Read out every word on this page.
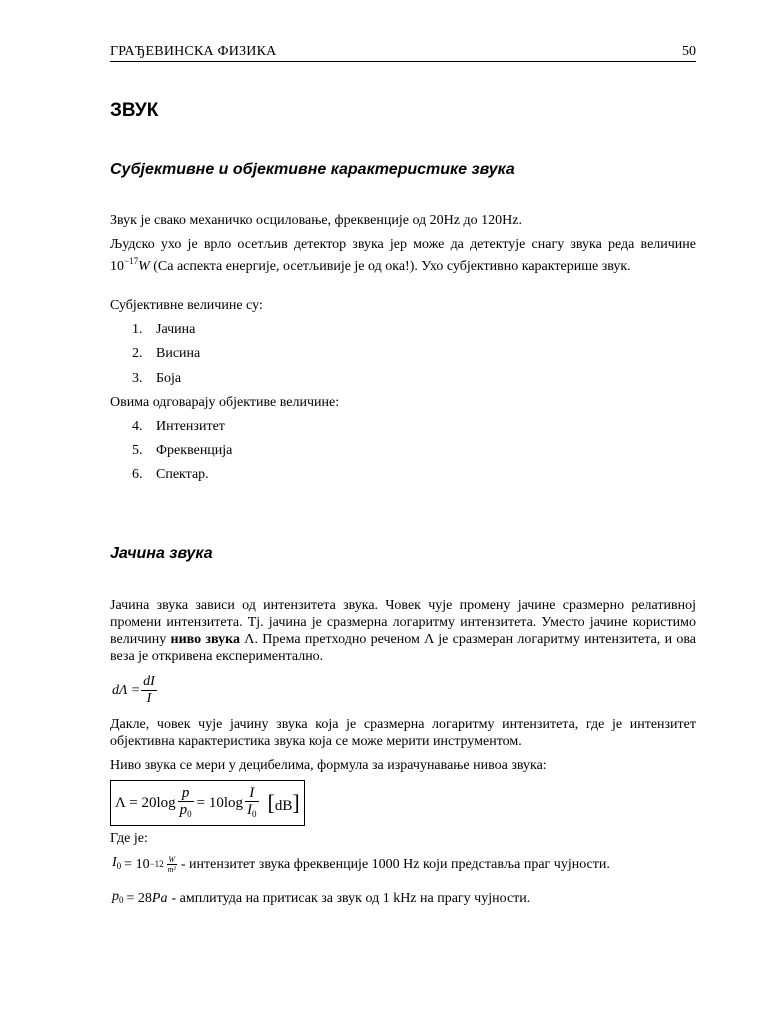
ГРАЂЕВИНСКА ФИЗИКА	50
ЗВУК
Субјективне и објективне карактеристике звука
Звук је свако механичко осциловање, фреквенције од 20Hz до 120Hz.
Људско ухо је врло осетљив детектор звука јер може да детектује снагу звука реда величине $10^{-17}W$ (Са аспекта енергије, осетљивије је од ока!). Ухо субјективно карактерише звук.
Субјективне величине су:
1. Јачина
2. Висина
3. Боја
Овима одговарају објективе величине:
4. Интензитет
5. Фреквенција
6. Спектар.
Јачина звука
Јачина звука зависи од интензитета звука. Човек чује промену јачине сразмерно релативној промени интензитета. Тј. јачина је сразмерна логаритму интензитета. Уместо јачине користимо величину ниво звука Λ. Према претходно реченом Λ је сразмеран логаритму интензитета, и ова веза је откривена експериментално.
$d\Lambda = \frac{dI}{I}$
Дакле, човек чује јачину звука која је сразмерна логаритму интензитета, где је интензитет објективна карактеристика звука која се може мерити инструментом.
Ниво звука се мери у децибелима, формула за израчунавање нивоа звука:
$\Lambda = 20\log \frac{p}{p_0} = 10\log \frac{I}{I_0} [dB]$
Где је:
$I_0 = 10 -12 \frac{W}{\text{m²}}$ - интензитет звука фреквенције 1000 Hz који представља праг чујности.
$p_0 = 28$ Pa - амплитуда на притисак за звук од 1 kHz на прагу чујности.
